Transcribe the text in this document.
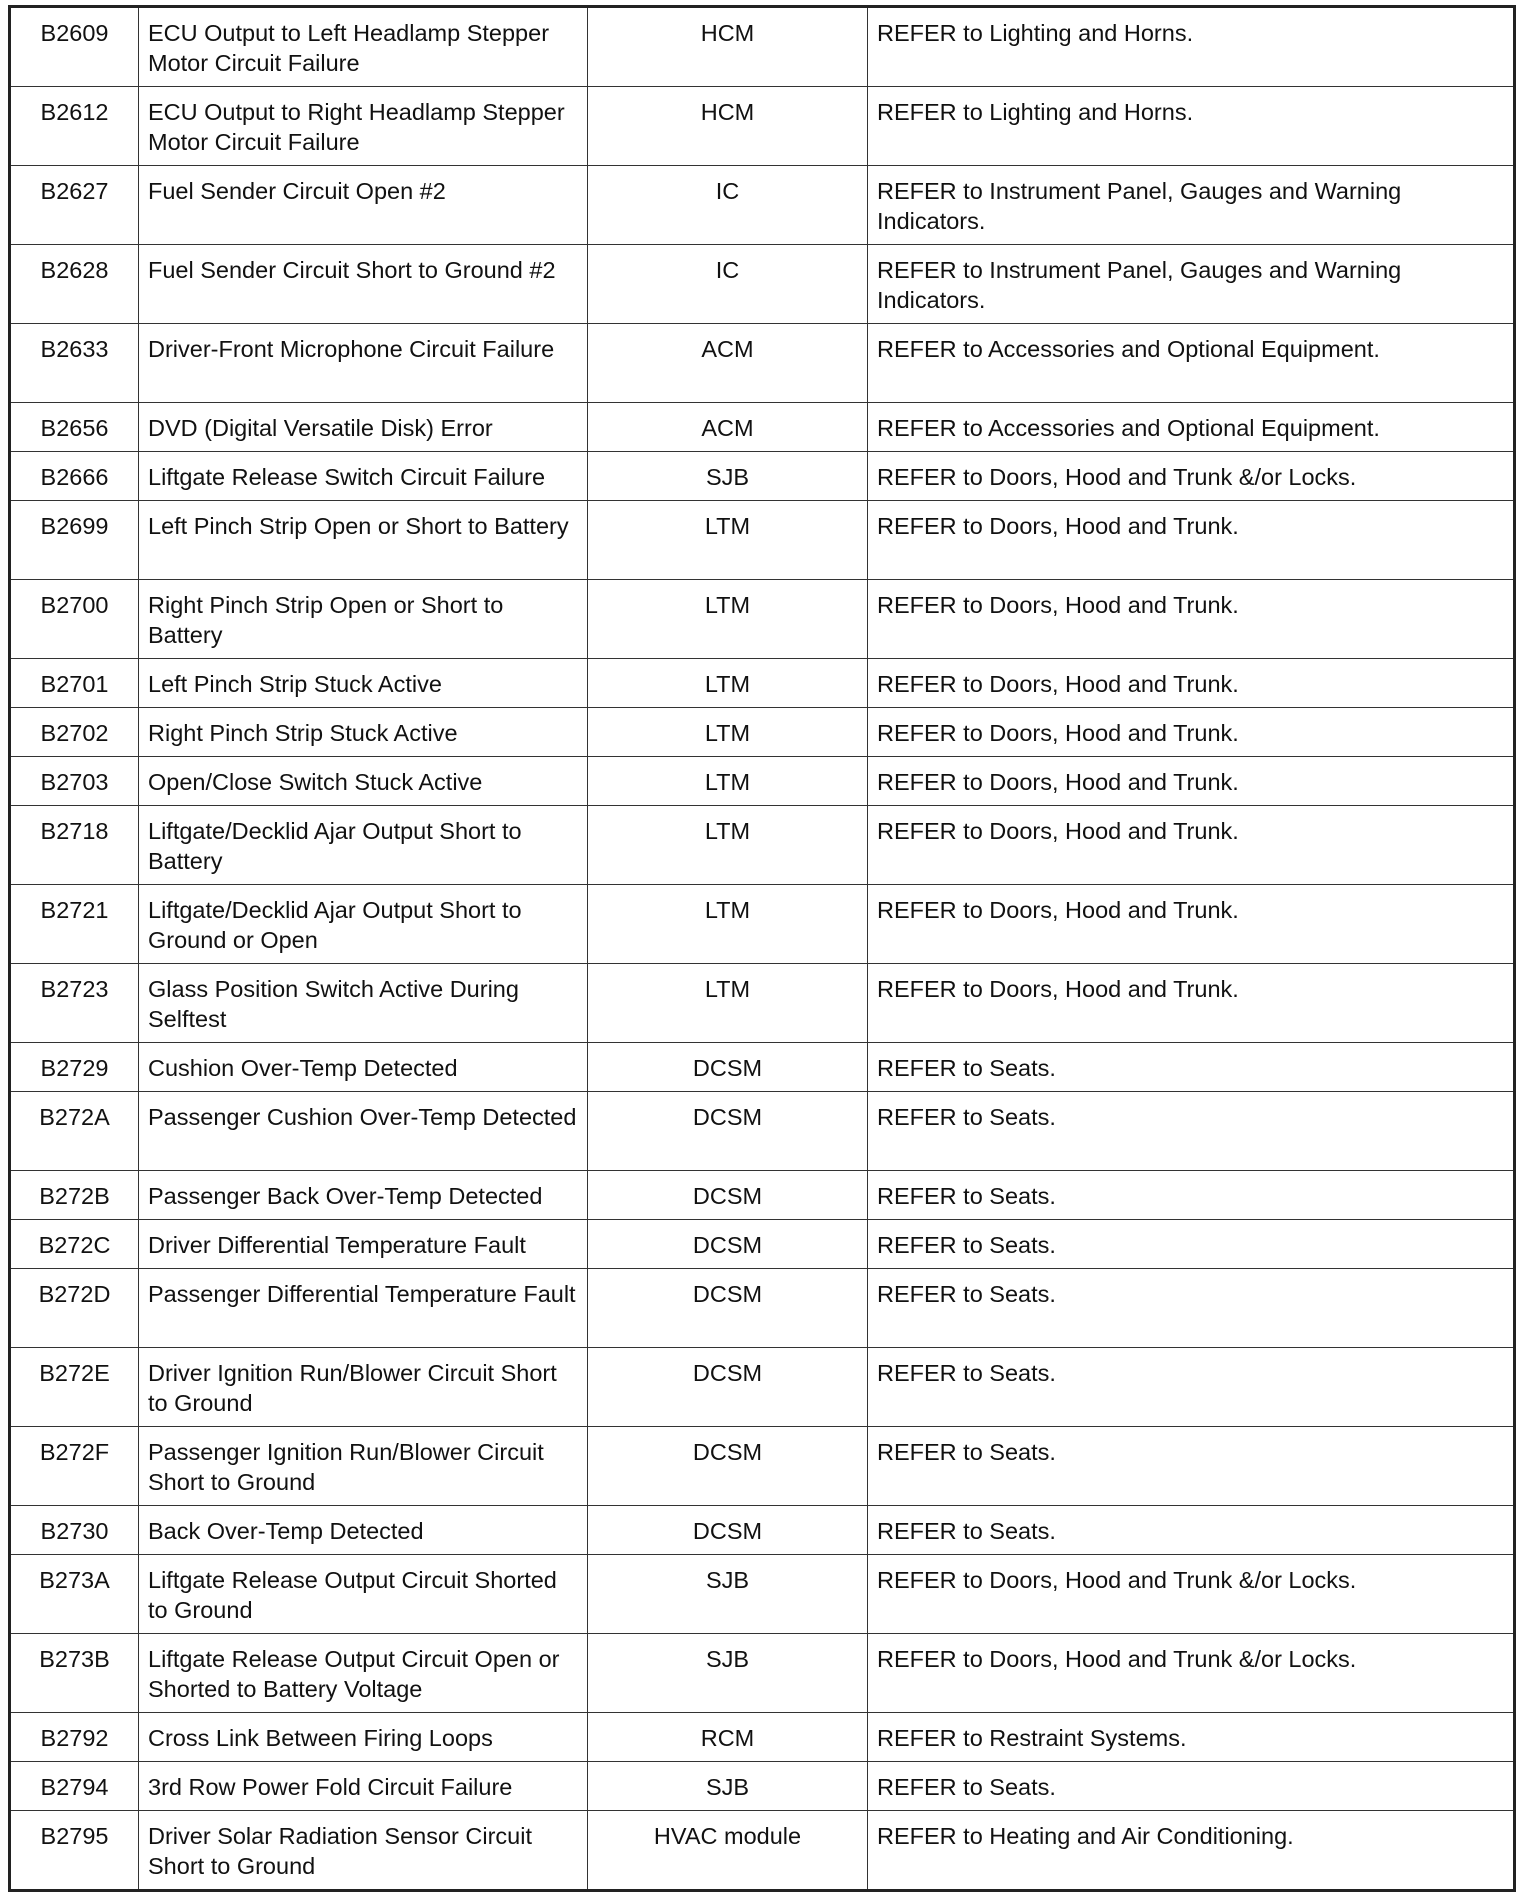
B2609	ECU Output to Left Headlamp Stepper Motor Circuit Failure	HCM	REFER to Lighting and Horns.
B2612	ECU Output to Right Headlamp Stepper Motor Circuit Failure	HCM	REFER to Lighting and Horns.
B2627	Fuel Sender Circuit Open #2	IC	REFER to Instrument Panel, Gauges and Warning Indicators.
B2628	Fuel Sender Circuit Short to Ground #2	IC	REFER to Instrument Panel, Gauges and Warning Indicators.
B2633	Driver-Front Microphone Circuit Failure	ACM	REFER to Accessories and Optional Equipment.
B2656	DVD (Digital Versatile Disk) Error	ACM	REFER to Accessories and Optional Equipment.
B2666	Liftgate Release Switch Circuit Failure	SJB	REFER to Doors, Hood and Trunk &/or Locks.
B2699	Left Pinch Strip Open or Short to Battery	LTM	REFER to Doors, Hood and Trunk.
B2700	Right Pinch Strip Open or Short to Battery	LTM	REFER to Doors, Hood and Trunk.
B2701	Left Pinch Strip Stuck Active	LTM	REFER to Doors, Hood and Trunk.
B2702	Right Pinch Strip Stuck Active	LTM	REFER to Doors, Hood and Trunk.
B2703	Open/Close Switch Stuck Active	LTM	REFER to Doors, Hood and Trunk.
B2718	Liftgate/Decklid Ajar Output Short to Battery	LTM	REFER to Doors, Hood and Trunk.
B2721	Liftgate/Decklid Ajar Output Short to Ground or Open	LTM	REFER to Doors, Hood and Trunk.
B2723	Glass Position Switch Active During Selftest	LTM	REFER to Doors, Hood and Trunk.
B2729	Cushion Over-Temp Detected	DCSM	REFER to Seats.
B272A	Passenger Cushion Over-Temp Detected	DCSM	REFER to Seats.
B272B	Passenger Back Over-Temp Detected	DCSM	REFER to Seats.
B272C	Driver Differential Temperature Fault	DCSM	REFER to Seats.
B272D	Passenger Differential Temperature Fault	DCSM	REFER to Seats.
B272E	Driver Ignition Run/Blower Circuit Short to Ground	DCSM	REFER to Seats.
B272F	Passenger Ignition Run/Blower Circuit Short to Ground	DCSM	REFER to Seats.
B2730	Back Over-Temp Detected	DCSM	REFER to Seats.
B273A	Liftgate Release Output Circuit Shorted to Ground	SJB	REFER to Doors, Hood and Trunk &/or Locks.
B273B	Liftgate Release Output Circuit Open or Shorted to Battery Voltage	SJB	REFER to Doors, Hood and Trunk &/or Locks.
B2792	Cross Link Between Firing Loops	RCM	REFER to Restraint Systems.
B2794	3rd Row Power Fold Circuit Failure	SJB	REFER to Seats.
B2795	Driver Solar Radiation Sensor Circuit Short to Ground	HVAC module	REFER to Heating and Air Conditioning.
